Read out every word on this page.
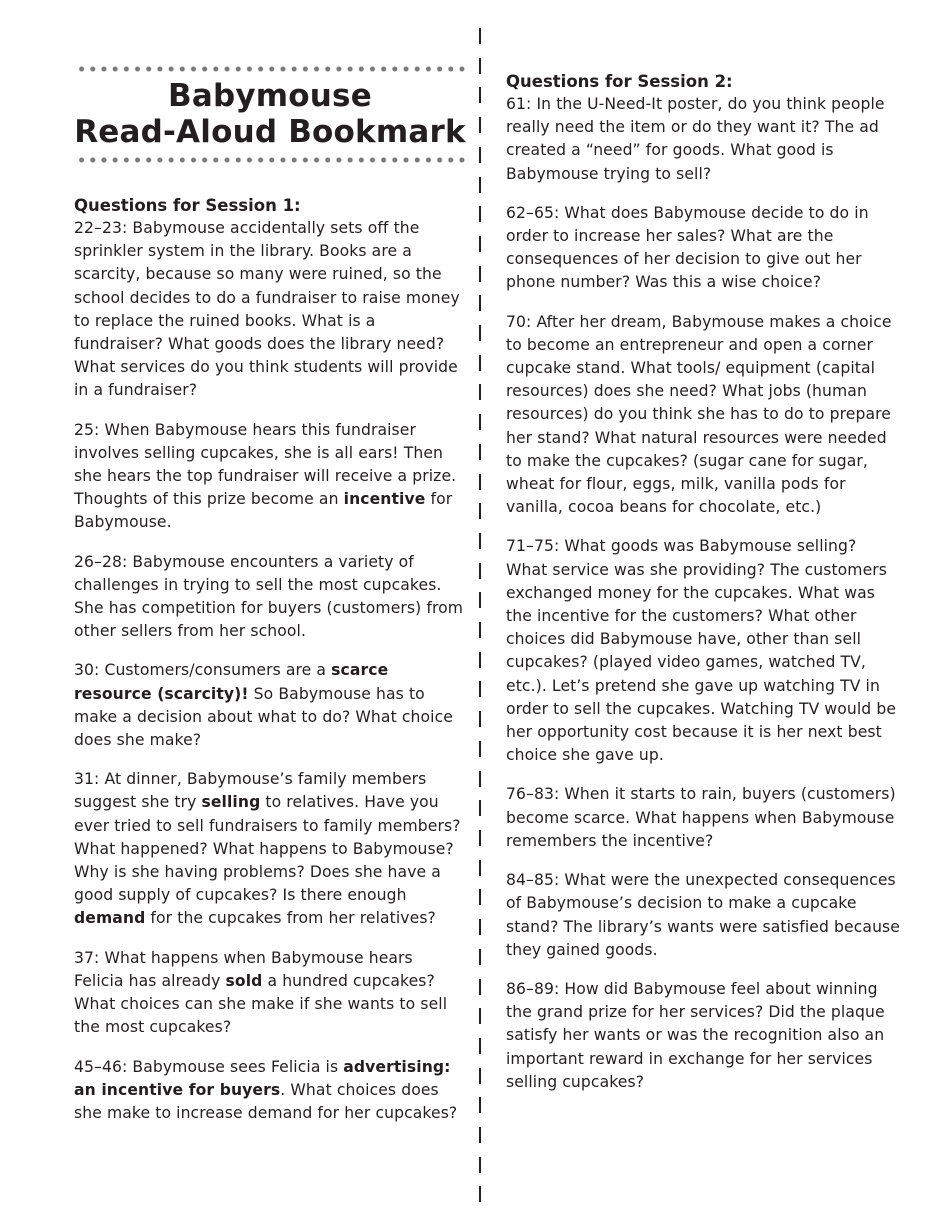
Babymouse
Read-Aloud Bookmark

Questions for Session 1:

22–23: Babymouse accidentally sets off the sprinkler system in the library. Books are a scarcity, because so many were ruined, so the school decides to do a fundraiser to raise money to replace the ruined books. What is a fundraiser? What goods does the library need? What services do you think students will provide in a fundraiser?

25: When Babymouse hears this fundraiser involves selling cupcakes, she is all ears! Then she hears the top fundraiser will receive a prize. Thoughts of this prize become an incentive for Babymouse.

26–28: Babymouse encounters a variety of challenges in trying to sell the most cupcakes. She has competition for buyers (customers) from other sellers from her school.

30: Customers/consumers are a scarce resource (scarcity)! So Babymouse has to make a decision about what to do? What choice does she make?

31: At dinner, Babymouse’s family members suggest she try selling to relatives. Have you ever tried to sell fundraisers to family members? What happened? What happens to Babymouse? Why is she having problems? Does she have a good supply of cupcakes? Is there enough demand for the cupcakes from her relatives?

37: What happens when Babymouse hears Felicia has already sold a hundred cupcakes? What choices can she make if she wants to sell the most cupcakes?

45–46: Babymouse sees Felicia is advertising: an incentive for buyers. What choices does she make to increase demand for her cupcakes?

Questions for Session 2:

61: In the U-Need-It poster, do you think people really need the item or do they want it? The ad created a “need” for goods. What good is Babymouse trying to sell?

62–65: What does Babymouse decide to do in order to increase her sales? What are the consequences of her decision to give out her phone number? Was this a wise choice?

70: After her dream, Babymouse makes a choice to become an entrepreneur and open a corner cupcake stand. What tools/ equipment (capital resources) does she need? What jobs (human resources) do you think she has to do to prepare her stand? What natural resources were needed to make the cupcakes? (sugar cane for sugar, wheat for flour, eggs, milk, vanilla pods for vanilla, cocoa beans for chocolate, etc.)

71–75: What goods was Babymouse selling? What service was she providing? The customers exchanged money for the cupcakes. What was the incentive for the customers? What other choices did Babymouse have, other than sell cupcakes? (played video games, watched TV, etc.). Let’s pretend she gave up watching TV in order to sell the cupcakes. Watching TV would be her opportunity cost because it is her next best choice she gave up.

76–83: When it starts to rain, buyers (customers) become scarce. What happens when Babymouse remembers the incentive?

84–85: What were the unexpected consequences of Babymouse’s decision to make a cupcake stand? The library’s wants were satisfied because they gained goods.

86–89: How did Babymouse feel about winning the grand prize for her services? Did the plaque satisfy her wants or was the recognition also an important reward in exchange for her services selling cupcakes?
